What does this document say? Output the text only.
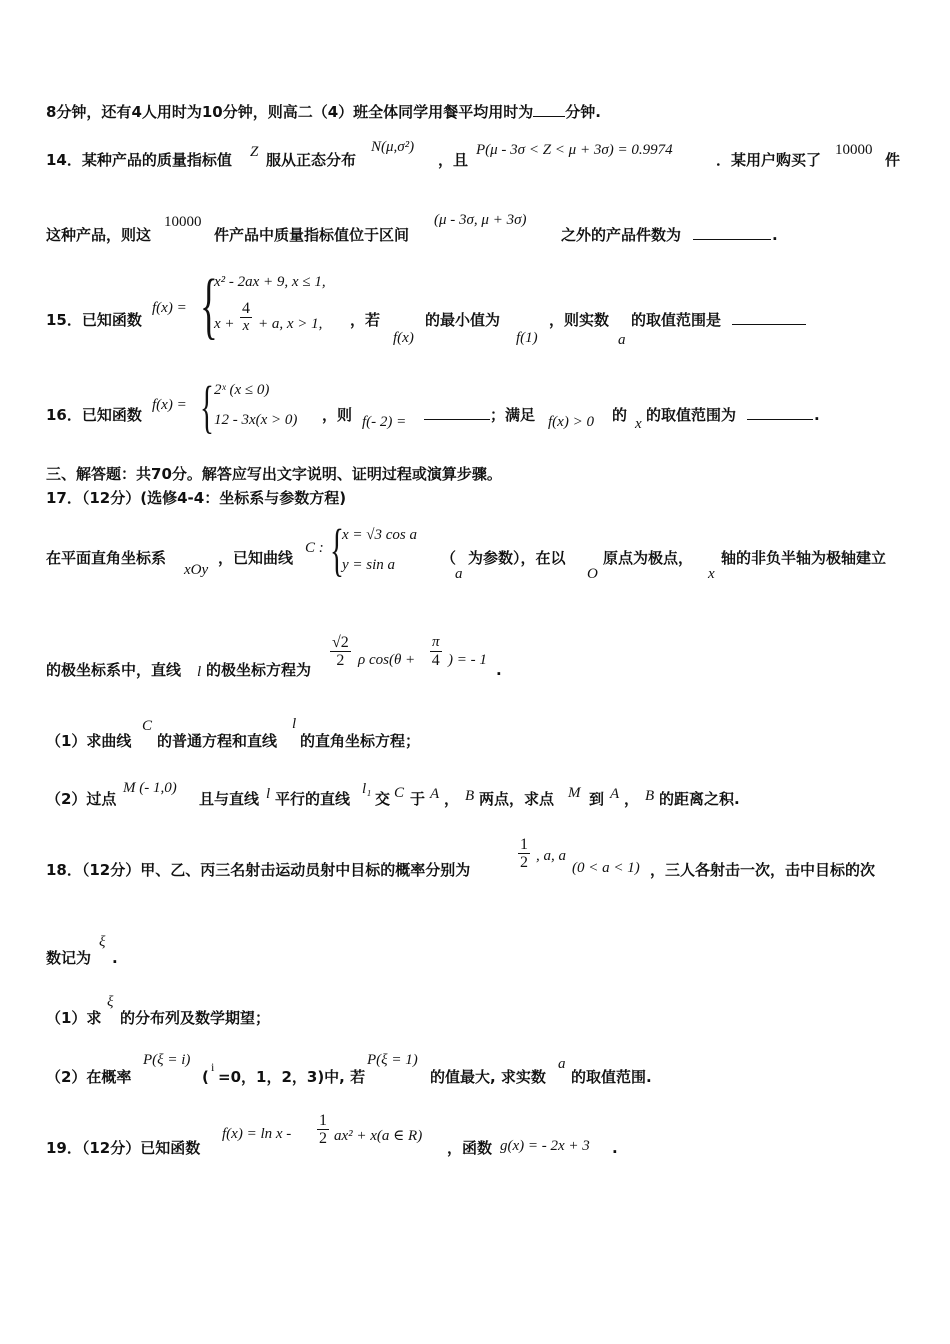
8分钟，还有4人用时为10分钟，则高二（4）班全体同学用餐平均用时为 分钟.
14．某种产品的质量指标值 Z 服从正态分布
N(μ,σ²)
，且
P(μ - 3σ < Z < μ + 3σ) = 0.9974
．某用户购买了
10000
件
这种产品，则这
10000
件产品中质量指标值位于区间
(μ - 3σ, μ + 3σ)
之外的产品件数为	.
15．已知函数
f(x) = {
x² - 2ax + 9, x ≤ 1,
$x + \frac{4}{x} + a$, x > 1, ，若
f(x)
的最小值为
f(1)
，则实数
a
的取值范围是
16．已知函数
f(x) = { 2ˣ (x ≤ 0)
12 - 3x(x > 0) ，则 f(- 2) =	；满足 f(x) > 0 的 x 的取值范围为	.
三、解答题：共70分。解答应写出文字说明、证明过程或演算步骤。
17．（12分）(选修4-4：坐标系与参数方程)
在平面直角坐标系
xOy
，已知曲线
C : {
x = √3 cos a
y = sin a	（
a
为参数），在以
O
原点为极点，
x
轴的非负半轴为极轴建立
的极坐标系中，直线 l 的极坐标方程为
$\frac{√2}{2}$ ρ $\cos(\theta + \frac{\pi}{4}$ ) = - 1
.
（1）求曲线
C
的普通方程和直线
l
的直角坐标方程；
（2）过点
M (- 1,0)
且与直线 l 平行的直线
l₁
交 C 于 A ， B 两点，求点 M 到 A ， B 的距离之积.
18．（12分）甲、乙、丙三名射击运动员射中目标的概率分别为	$\frac{1}{2}$ , a, a
(0 < a < 1) ，三人各射击一次，击中目标的次
数记为
ξ
.
（1）求
ξ
的分布列及数学期望；
（2）在概率
P(ξ = i)
(
i
=0，1，2，3)中, 若
P(ξ = 1)
的值最大, 求实数
a
的取值范围.
19．（12分）已知函数
$f(x) = \ln x - \frac{1}{2} ax^2 + x(a$ ∈ R)
，函数 g(x) = - 2x + 3 .
